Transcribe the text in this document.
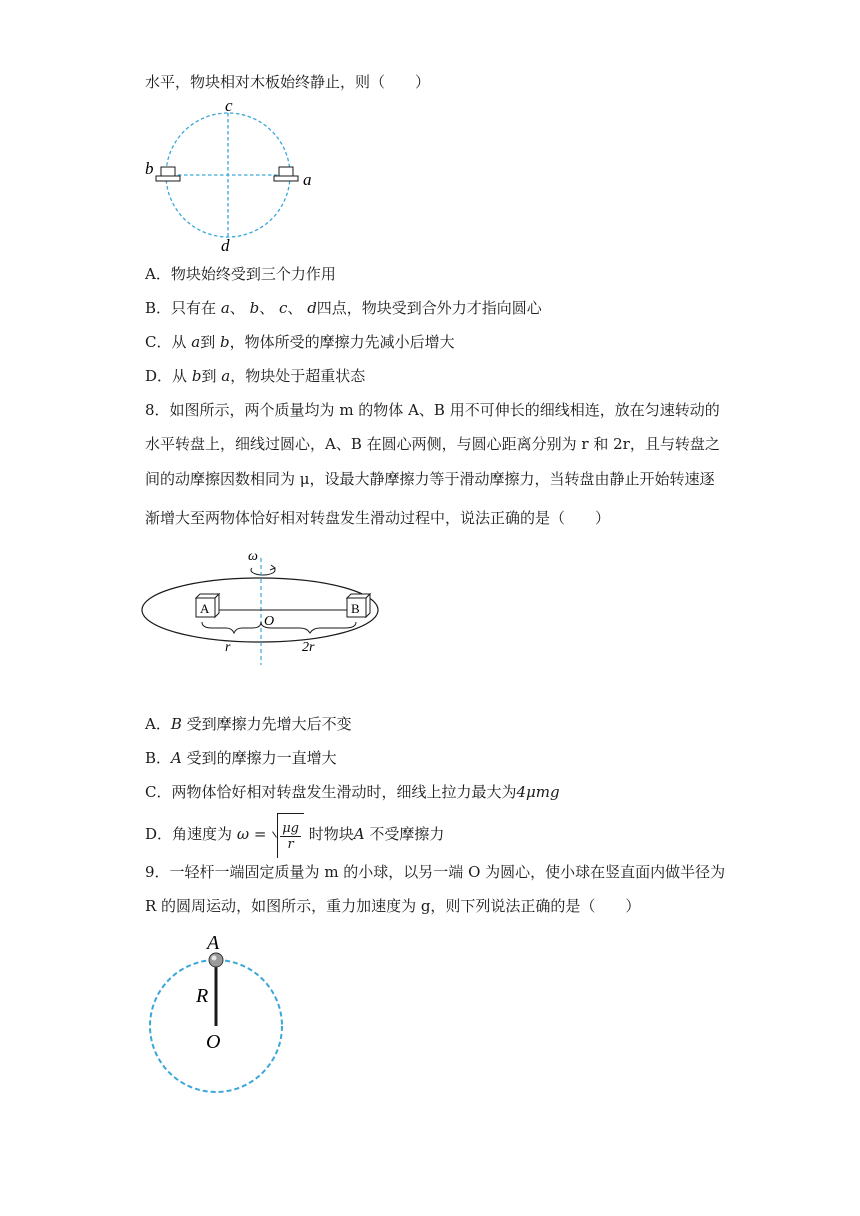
水平，物块相对木板始终静止，则（　　）
c
b
a
d
A．物块始终受到三个力作用
B．只有在 a、 b、 c、 d四点，物块受到合外力才指向圆心
C．从 a到 b，物体所受的摩擦力先减小后增大
D．从 b到 a，物块处于超重状态
8．如图所示，两个质量均为 m 的物体 A、B 用不可伸长的细线相连，放在匀速转动的
水平转盘上，细线过圆心，A、B 在圆心两侧，与圆心距离分别为 r 和 2r，且与转盘之
间的动摩擦因数相同为 μ，设最大静摩擦力等于滑动摩擦力，当转盘由静止开始转速逐
渐增大至两物体恰好相对转盘发生滑动过程中，说法正确的是（　　）
ω
A	B
O
r	2r
A．B 受到摩擦力先增大后不变
B．A 受到的摩擦力一直增大
C．两物体恰好相对转盘发生滑动时，细线上拉力最大为4μmg
D．角速度为 $\omega = \frac{\mu g}{r}$ 时物块A 不受摩擦力
9．一轻杆一端固定质量为 m 的小球，以另一端 O 为圆心，使小球在竖直面内做半径为
R 的圆周运动，如图所示，重力加速度为 g，则下列说法正确的是（　　）
A
R
O
